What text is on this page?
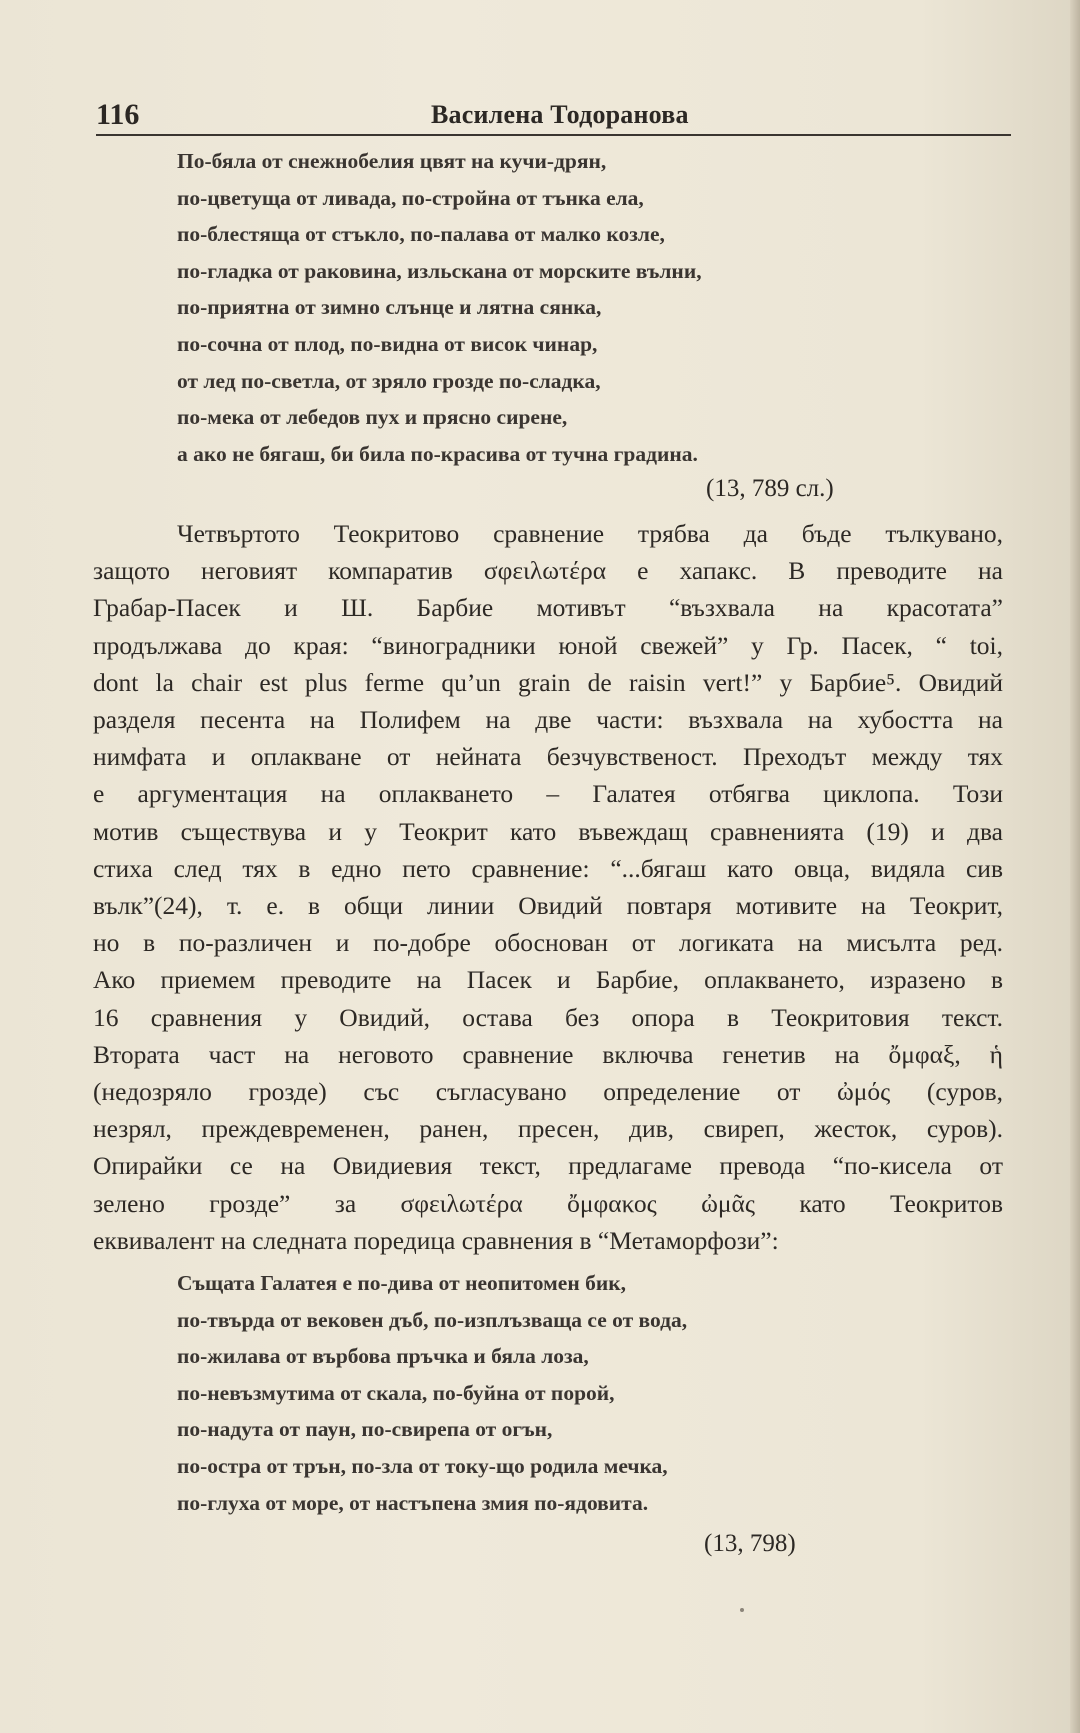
116	Василена Тодоранова
По-бяла от снежнобелия цвят на кучи-дрян,
по-цветуща от ливада, по-стройна от тънка ела,
по-блестяща от стъкло, по-палава от малко козле,
по-гладка от раковина, изльскана от морските вълни,
по-приятна от зимно слънце и лятна сянка,
по-сочна от плод, по-видна от висок чинар,
от лед по-светла, от зряло грозде по-сладка,
по-мека от лебедов пух и прясно сирене,
а ако не бягаш, би била по-красива от тучна градина.
(13, 789 сл.)
Четвъртото Теокритово сравнение трябва да бъде тълкувано,
защото неговият компаратив σφειλωτέρα е хапакс. В преводите на
Грабар-Пасек и Ш. Барбие мотивът “възхвала на красотата”
продължава до края: “виноградники юной свежей” у Гр. Пасек, “ toi,
dont la chair est plus ferme qu’un grain de raisin vert!” у Барбие⁵. Овидий
разделя песента на Полифем на две части: възхвала на хубостта на
нимфата и оплакване от нейната безчувственост. Преходът между тях
е аргументация на оплакването – Галатея отбягва циклопа. Този
мотив съществува и у Теокрит като въвеждащ сравненията (19) и два
стиха след тях в едно пето сравнение: “...бягаш като овца, видяла сив
вълк”(24), т. е. в общи линии Овидий повтаря мотивите на Теокрит,
но в по-различен и по-добре обоснован от логиката на мисълта ред.
Ако приемем преводите на Пасек и Барбие, оплакването, изразено в
16 сравнения у Овидий, остава без опора в Теокритовия текст.
Втората част на неговото сравнение включва генетив на ὄμφαξ, ἡ
(недозряло грозде) със съгласувано определение от ὠμός (суров,
незрял, преждевременен, ранен, пресен, див, свиреп, жесток, суров).
Опирайки се на Овидиевия текст, предлагаме превода “по-кисела от
зелено грозде” за σφειλωτέρα ὄμφακος ὠμᾶς като Теокритов
еквивалент на следната поредица сравнения в “Метаморфози”:
Същата Галатея е по-дива от неопитомен бик,
по-твърда от вековен дъб, по-изплъзваща се от вода,
по-жилава от върбова пръчка и бяла лоза,
по-невъзмутима от скала, по-буйна от порой,
по-надута от паун, по-свирепа от огън,
по-остра от трън, по-зла от току-що родила мечка,
по-глуха от море, от настъпена змия по-ядовита.
(13, 798)
